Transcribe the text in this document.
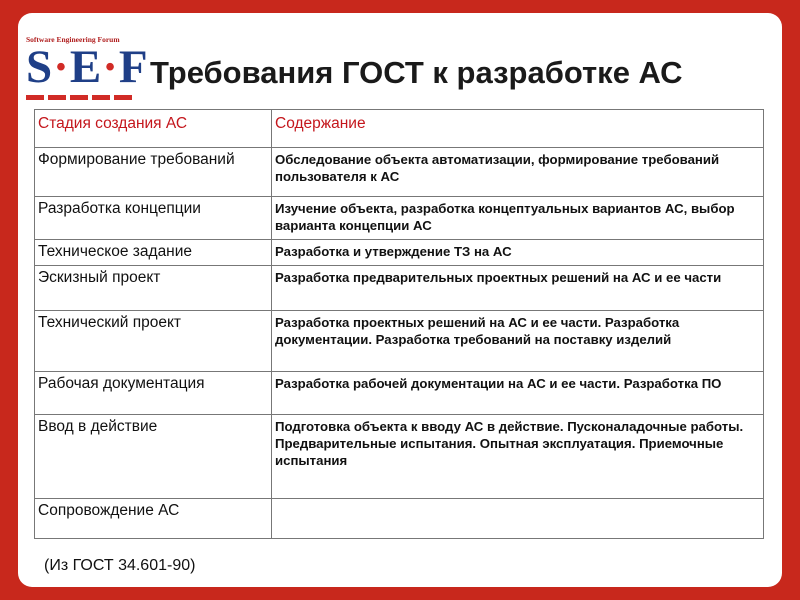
Software Engineering Forum
S·E·F Требования ГОСТ к разработке АС
Стадия создания АС	Содержание
Формирование требований	Обследование объекта автоматизации, формирование требований пользователя к АС
Разработка концепции	Изучение объекта, разработка концептуальных вариантов АС, выбор варианта концепции АС
Техническое задание	Разработка и утверждение ТЗ на АС
Эскизный проект	Разработка предварительных проектных решений на АС и ее части
Технический проект	Разработка проектных решений на АС и ее части. Разработка документации. Разработка требований на поставку изделий
Рабочая документация	Разработка рабочей документации на АС и ее части. Разработка ПО
Ввод в действие	Подготовка объекта к вводу АС в действие. Пусконаладочные работы. Предварительные испытания. Опытная эксплуатация. Приемочные испытания
Сопровождение АС	
(Из ГОСТ 34.601-90)
